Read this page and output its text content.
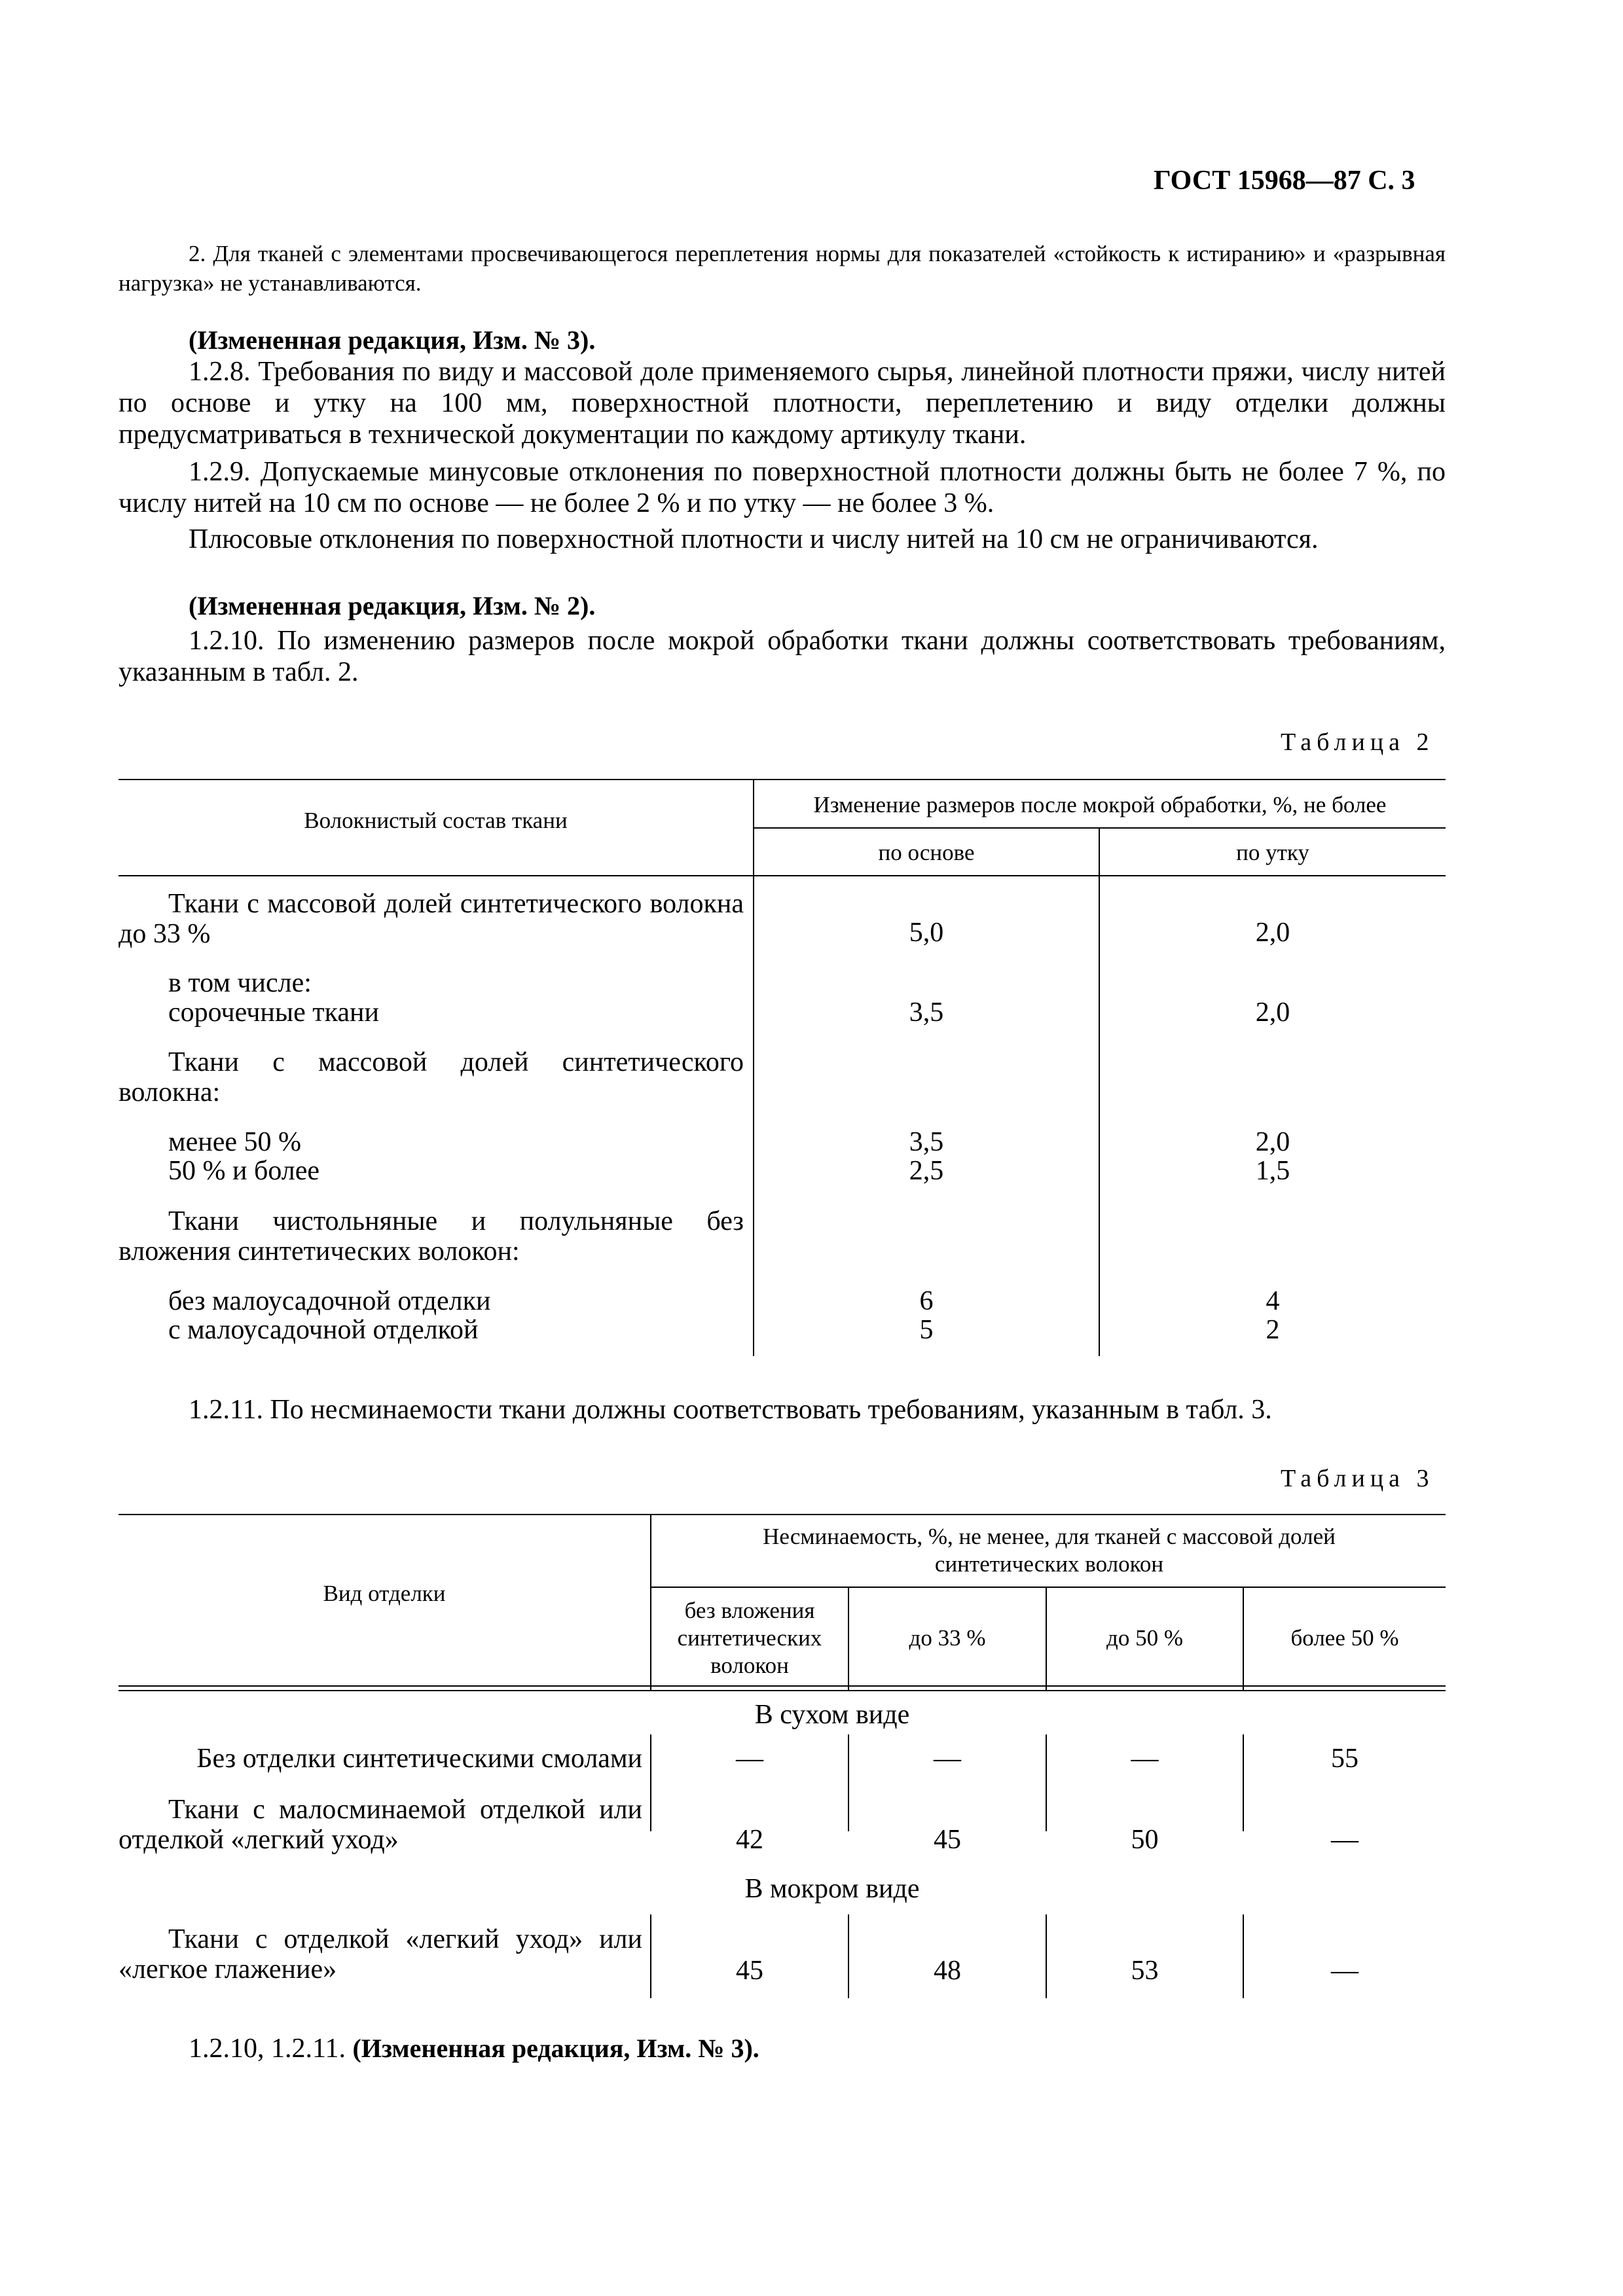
ГОСТ 15968—87 С. 3
2. Для тканей с элементами просвечивающегося переплетения нормы для показателей «стойкость к истиранию» и «разрывная нагрузка» не устанавливаются.
(Измененная редакция, Изм. № 3).
1.2.8. Требования по виду и массовой доле применяемого сырья, линейной плотности пряжи, числу нитей по основе и утку на 100 мм, поверхностной плотности, переплетению и виду отделки должны предусматриваться в технической документации по каждому артикулу ткани.
1.2.9. Допускаемые минусовые отклонения по поверхностной плотности должны быть не более 7 %, по числу нитей на 10 см по основе — не более 2 % и по утку — не более 3 %.
Плюсовые отклонения по поверхностной плотности и числу нитей на 10 см не ограничиваются.
(Измененная редакция, Изм. № 2).
1.2.10. По изменению размеров после мокрой обработки ткани должны соответствовать требованиям, указанным в табл. 2.
Таблица 2
Волокнистый состав ткани
Изменение размеров после мокрой обработки, %, не более
по основе	по утку
Ткани с массовой долей синтетического волокна до 33 %	5,0	2,0
в том числе:
сорочечные ткани	3,5	2,0
Ткани с массовой долей синтетического волокна:
менее 50 %	3,5	2,0
50 % и более	2,5	1,5
Ткани чистольняные и полульняные без вложения синтетических волокон:
без малоусадочной отделки	6	4
с малоусадочной отделкой	5	2
1.2.11. По несминаемости ткани должны соответствовать требованиям, указанным в табл. 3.
Таблица 3
Вид отделки
Несминаемость, %, не менее, для тканей с массовой долей синтетических волокон
без вложения синтетических волокон
до 33 %	до 50 %	более 50 %
В сухом виде
Без отделки синтетическими смолами	—	—	—	55
Ткани с малосминаемой отделкой или отделкой «легкий уход»	42	45	50	—
В мокром виде
Ткани с отделкой «легкий уход» или «легкое глажение»	45	48	53	—
1.2.10, 1.2.11. (Измененная редакция, Изм. № 3).
